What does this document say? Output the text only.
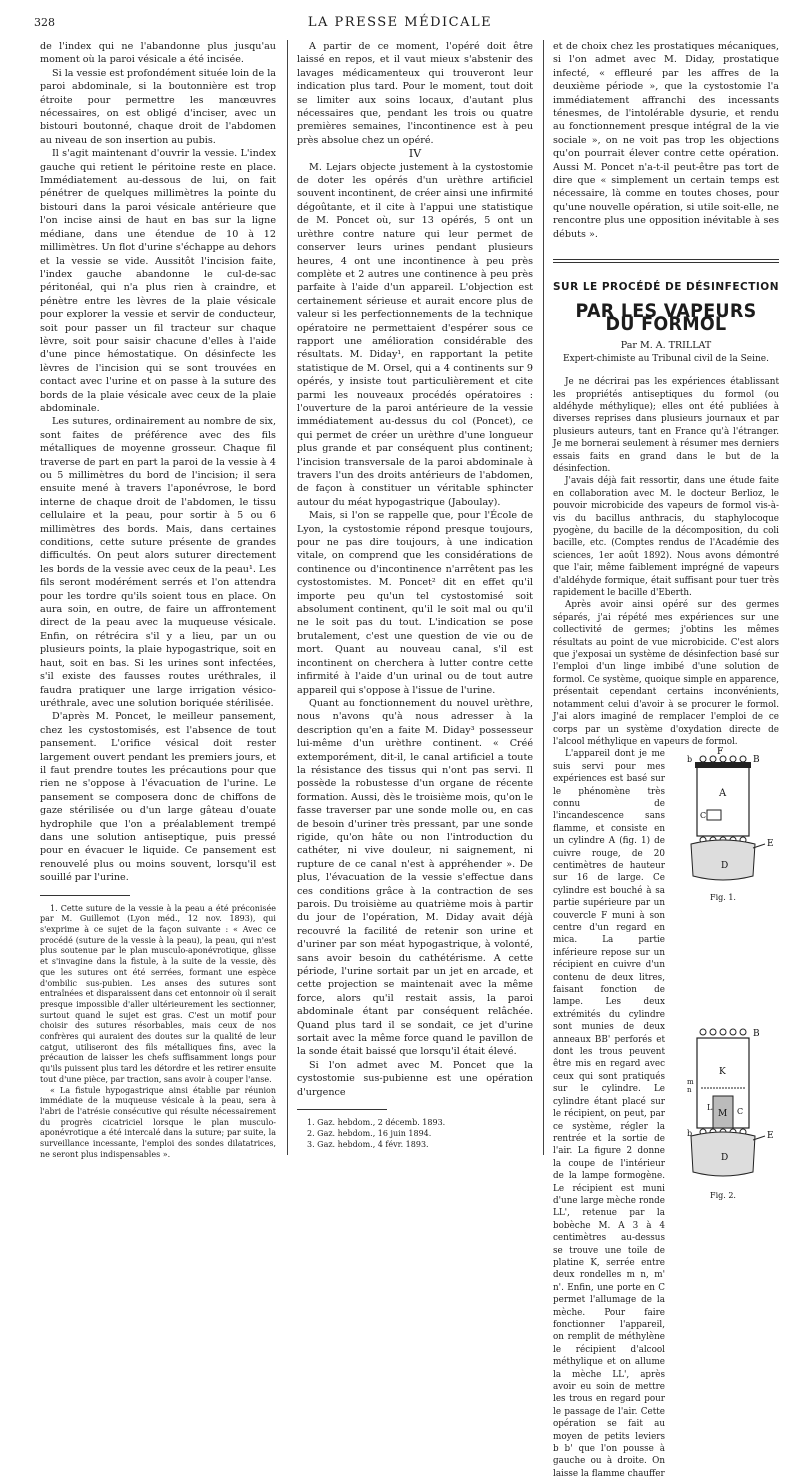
328	LA PRESSE MÉDICALE

de l'index qui ne l'abandonne plus jusqu'au moment où la paroi vésicale a été incisée.

Si la vessie est profondément située loin de la paroi abdominale, si la boutonnière est trop étroite pour permettre les manœuvres nécessaires, on est obligé d'inciser, avec un bistouri boutonné, chaque droit de l'abdomen au niveau de son insertion au pubis.

Il s'agit maintenant d'ouvrir la vessie. L'index gauche qui retient le péritoine reste en place. Immédiatement au-dessous de lui, on fait pénétrer de quelques millimètres la pointe du bistouri dans la paroi vésicale antérieure que l'on incise ainsi de haut en bas sur la ligne médiane, dans une étendue de 10 à 12 millimètres. Un flot d'urine s'échappe au dehors et la vessie se vide. Aussitôt l'incision faite, l'index gauche abandonne le cul-de-sac péritonéal, qui n'a plus rien à craindre, et pénètre entre les lèvres de la plaie vésicale pour explorer la vessie et servir de conducteur, soit pour passer un fil tracteur sur chaque lèvre, soit pour saisir chacune d'elles à l'aide d'une pince hémostatique. On désinfecte les lèvres de l'incision qui se sont trouvées en contact avec l'urine et on passe à la suture des bords de la plaie vésicale avec ceux de la plaie abdominale.

Les sutures, ordinairement au nombre de six, sont faites de préférence avec des fils métalliques de moyenne grosseur. Chaque fil traverse de part en part la paroi de la vessie à 4 ou 5 millimètres du bord de l'incision; il sera ensuite mené à travers l'aponévrose, le bord interne de chaque droit de l'abdomen, le tissu cellulaire et la peau, pour sortir à 5 ou 6 millimètres des bords. Mais, dans certaines conditions, cette suture présente de grandes difficultés. On peut alors suturer directement les bords de la vessie avec ceux de la peau¹. Les fils seront modérément serrés et l'on attendra pour les tordre qu'ils soient tous en place. On aura soin, en outre, de faire un affrontement direct de la peau avec la muqueuse vésicale. Enfin, on rétrécira s'il y a lieu, par un ou plusieurs points, la plaie hypogastrique, soit en haut, soit en bas. Si les urines sont infectées, s'il existe des fausses routes uréthrales, il faudra pratiquer une large irrigation vésico-uréthrale, avec une solution boriquée stérilisée.

D'après M. Poncet, le meilleur pansement, chez les cystostomisés, est l'absence de tout pansement. L'orifice vésical doit rester largement ouvert pendant les premiers jours, et il faut prendre toutes les précautions pour que rien ne s'oppose à l'évacuation de l'urine. Le pansement se composera donc de chiffons de gaze stérilisée ou d'un large gâteau d'ouate hydrophile que l'on a préalablement trempé dans une solution antiseptique, puis pressé pour en évacuer le liquide. Ce pansement est renouvelé plus ou moins souvent, lorsqu'il est souillé par l'urine.

1. Cette suture de la vessie à la peau a été préconisée par M. Guillemot (Lyon méd., 12 nov. 1893), qui s'exprime à ce sujet de la façon suivante : « Avec ce procédé (suture de la vessie à la peau), la peau, qui n'est plus soutenue par le plan musculo-aponévrotique, glisse et s'invagine dans la fistule, à la suite de la vessie, dès que les sutures ont été serrées, formant une espèce d'ombilic sus-pubien. Les anses des sutures sont entraînées et disparaissent dans cet entonnoir où il serait presque impossible d'aller ultérieurement les sectionner, surtout quand le sujet est gras. C'est un motif pour choisir des sutures résorbables, mais ceux de nos confrères qui auraient des doutes sur la qualité de leur catgut, utiliseront des fils métalliques fins, avec la précaution de laisser les chefs suffisamment longs pour qu'ils puissent plus tard les détordre et les retirer ensuite tout d'une pièce, par traction, sans avoir à couper l'anse.

« La fistule hypogastrique ainsi établie par réunion immédiate de la muqueuse vésicale à la peau, sera à l'abri de l'atrésie consécutive qui résulte nécessairement du progrès cicatriciel lorsque le plan musculo-aponévrotique a été intercalé dans la suture; par suite, la surveillance incessante, l'emploi des sondes dilatatrices, ne seront plus indispensables ».

A partir de ce moment, l'opéré doit être laissé en repos, et il vaut mieux s'abstenir des lavages médicamenteux qui trouveront leur indication plus tard. Pour le moment, tout doit se limiter aux soins locaux, d'autant plus nécessaires que, pendant les trois ou quatre premières semaines, l'incontinence est à peu près absolue chez un opéré.

IV

M. Lejars objecte justement à la cystostomie de doter les opérés d'un urèthre artificiel souvent incontinent, de créer ainsi une infirmité dégoûtante, et il cite à l'appui une statistique de M. Poncet où, sur 13 opérés, 5 ont un urèthre contre nature qui leur permet de conserver leurs urines pendant plusieurs heures, 4 ont une incontinence à peu près complète et 2 autres une continence à peu près parfaite à l'aide d'un appareil. L'objection est certainement sérieuse et aurait encore plus de valeur si les perfectionnements de la technique opératoire ne permettaient d'espérer sous ce rapport une amélioration considérable des résultats. M. Diday¹, en rapportant la petite statistique de M. Orsel, qui a 4 continents sur 9 opérés, y insiste tout particulièrement et cite parmi les nouveaux procédés opératoires : l'ouverture de la paroi antérieure de la vessie immédiatement au-dessus du col (Poncet), ce qui permet de créer un urèthre d'une longueur plus grande et par conséquent plus continent; l'incision transversale de la paroi abdominale à travers l'un des droits antérieurs de l'abdomen, de façon à constituer un véritable sphincter autour du méat hypogastrique (Jaboulay).

Mais, si l'on se rappelle que, pour l'École de Lyon, la cystostomie répond presque toujours, pour ne pas dire toujours, à une indication vitale, on comprend que les considérations de continence ou d'incontinence n'arrêtent pas les cystostomistes. M. Poncet² dit en effet qu'il importe peu qu'un tel cystostomisé soit absolument continent, qu'il le soit mal ou qu'il ne le soit pas du tout. L'indication se pose brutalement, c'est une question de vie ou de mort. Quant au nouveau canal, s'il est incontinent on cherchera à lutter contre cette infirmité à l'aide d'un urinal ou de tout autre appareil qui s'oppose à l'issue de l'urine.

Quant au fonctionnement du nouvel urèthre, nous n'avons qu'à nous adresser à la description qu'en a faite M. Diday³ possesseur lui-même d'un urèthre continent. « Créé extemporément, dit-il, le canal artificiel a toute la résistance des tissus qui n'ont pas servi. Il possède la robustesse d'un organe de récente formation. Aussi, dès le troisième mois, qu'on le fasse traverser par une sonde molle ou, en cas de besoin d'uriner très pressant, par une sonde rigide, qu'on hâte ou non l'introduction du cathéter, ni vive douleur, ni saignement, ni rupture de ce canal n'est à appréhender ». De plus, l'évacuation de la vessie s'effectue dans ces conditions grâce à la contraction de ses parois. Du troisième au quatrième mois à partir du jour de l'opération, M. Diday avait déjà recouvré la facilité de retenir son urine et d'uriner par son méat hypogastrique, à volonté, sans avoir besoin du cathétérisme. A cette période, l'urine sortait par un jet en arcade, et cette projection se maintenait avec la même force, alors qu'il restait assis, la paroi abdominale étant par conséquent relâchée. Quand plus tard il se sondait, ce jet d'urine sortait avec la même force quand le pavillon de la sonde était baissé que lorsqu'il était élevé.

Si l'on admet avec M. Poncet que la cystostomie sus-pubienne est une opération d'urgence

1. Gaz. hebdom., 2 décemb. 1893.

2. Gaz. hebdom., 16 juin 1894.

3. Gaz. hebdom., 4 févr. 1893.

et de choix chez les prostatiques mécaniques, si l'on admet avec M. Diday, prostatique infecté, « effleuré par les affres de la deuxième période », que la cystostomie l'a immédiatement affranchi des incessants ténesmes, de l'intolérable dysurie, et rendu au fonctionnement presque intégral de la vie sociale », on ne voit pas trop les objections qu'on pourrait élever contre cette opération. Aussi M. Poncet n'a-t-il peut-être pas tort de dire que « simplement un certain temps est nécessaire, là comme en toutes choses, pour qu'une nouvelle opération, si utile soit-elle, ne rencontre plus une opposition inévitable à ses débuts ».

SUR LE PROCÉDÉ DE DÉSINFECTION
PAR LES VAPEURS DU FORMOL
Par M. A. TRILLAT
Expert-chimiste au Tribunal civil de la Seine.

Je ne décrirai pas les expériences établissant les propriétés antiseptiques du formol (ou aldéhyde méthylique); elles ont été publiées à diverses reprises dans plusieurs journaux et par plusieurs auteurs, tant en France qu'à l'étranger. Je me bornerai seulement à résumer mes derniers essais faits en grand dans le but de la désinfection.

J'avais déjà fait ressortir, dans une étude faite en collaboration avec M. le docteur Berlioz, le pouvoir microbicide des vapeurs de formol vis-à-vis du bacillus anthracis, du staphylocoque pyogène, du bacille de la décomposition, du coli bacille, etc. (Comptes rendus de l'Académie des sciences, 1er août 1892). Nous avons démontré que l'air, même faiblement imprégné de vapeurs d'aldéhyde formique, était suffisant pour tuer très rapidement le bacille d'Eberth.

Après avoir ainsi opéré sur des germes séparés, j'ai répété mes expériences sur une collectivité de germes; j'obtins les mêmes résultats au point de vue microbicide. C'est alors que j'exposai un système de désinfection basé sur l'emploi d'un linge imbibé d'une solution de formol. Ce système, quoique simple en apparence, présentait cependant certains inconvénients, notamment celui d'avoir à se procurer le formol. J'ai alors imaginé de remplacer l'emploi de ce corps par un système d'oxydation directe de l'alcool méthylique en vapeurs de formol.

L'appareil dont je me suis servi pour mes expériences est basé sur le phénomène très connu de l'incandescence sans flamme, et consiste en un cylindre A (fig. 1) de cuivre rouge, de 20 centimètres de hauteur sur 16 de large. Ce cylindre est bouché à sa partie supérieure par un couvercle F muni à son centre d'un regard en mica. La partie inférieure repose sur un récipient en cuivre d'un contenu de deux litres, faisant fonction de lampe. Les deux extrémités du cylindre sont munies de deux anneaux BB' perforés et dont les trous peuvent être mis en regard avec ceux qui sont pratiqués sur le cylindre. Le cylindre étant placé sur le récipient, on peut, par ce système, régler la rentrée et la sortie de l'air. La figure 2 donne la coupe de l'intérieur de la lampe formogène. Le récipient est muni d'une large mèche ronde LL', retenue par la bobèche M. A 3 à 4 centimètres au-dessus se trouve une toile de platine K, serrée entre deux rondelles m n, m' n'. Enfin, une porte en C permet l'allumage de la mèche. Pour faire fonctionner l'appareil, on remplit de méthylène le récipient d'alcool méthylique et on allume la mèche LL', après avoir eu soin de mettre les trous en regard pour le passage de l'air. Cette opération se fait au moyen de petits leviers b b' que l'on pousse à gauche ou à droite. On laisse la flamme chauffer

F
A
B
b
C
D
E
Fig. 1.
K
M
L	C
D
E
B
b
m
n
Fig. 2.
